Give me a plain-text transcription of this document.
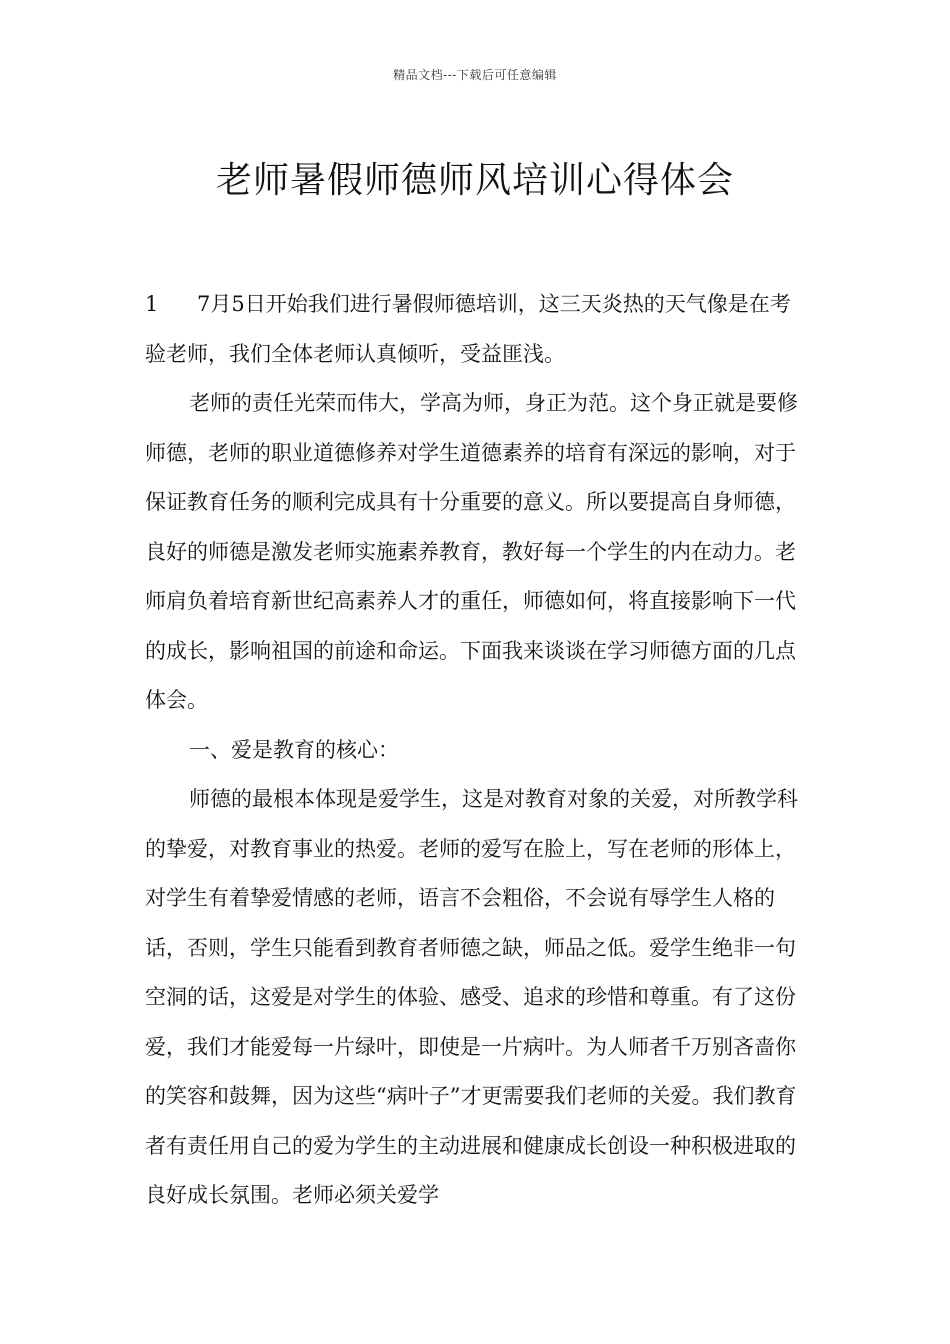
精品文档---下载后可任意编辑
老师暑假师德师风培训心得体会

1 7月5日开始我们进行暑假师德培训，这三天炎热的天气像是在考验老师，我们全体老师认真倾听，受益匪浅。

老师的责任光荣而伟大，学高为师，身正为范。这个身正就是要修师德，老师的职业道德修养对学生道德素养的培育有深远的影响，对于保证教育任务的顺利完成具有十分重要的意义。所以要提高自身师德，良好的师德是激发老师实施素养教育，教好每一个学生的内在动力。老师肩负着培育新世纪高素养人才的重任，师德如何，将直接影响下一代的成长，影响祖国的前途和命运。下面我来谈谈在学习师德方面的几点体会。

一、爱是教育的核心：

师德的最根本体现是爱学生，这是对教育对象的关爱，对所教学科的挚爱，对教育事业的热爱。老师的爱写在脸上，写在老师的形体上，对学生有着挚爱情感的老师，语言不会粗俗，不会说有辱学生人格的话，否则，学生只能看到教育者师德之缺，师品之低。爱学生绝非一句空洞的话，这爱是对学生的体验、感受、追求的珍惜和尊重。有了这份爱，我们才能爱每一片绿叶，即使是一片病叶。为人师者千万别吝啬你的笑容和鼓舞，因为这些“病叶子”才更需要我们老师的关爱。我们教育者有责任用自己的爱为学生的主动进展和健康成长创设一种积极进取的良好成长氛围。老师必须关爱学
